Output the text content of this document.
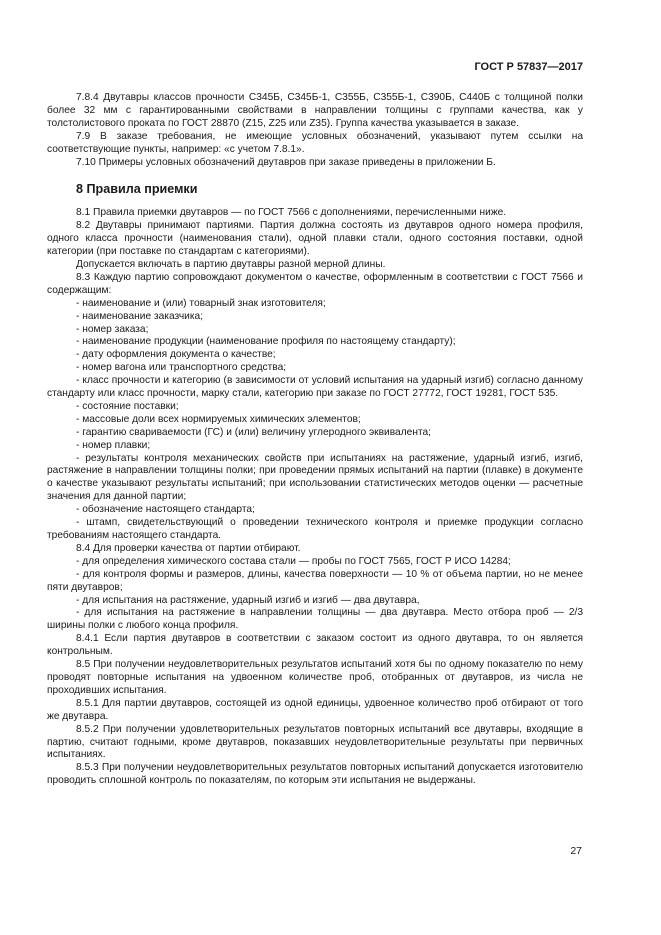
ГОСТ Р 57837—2017

7.8.4 Двутавры классов прочности С345Б, С345Б-1, С355Б, С355Б-1, С390Б, С440Б с толщиной полки более 32 мм с гарантированными свойствами в направлении толщины с группами качества, как у толстолистового проката по ГОСТ 28870 (Z15, Z25 или Z35). Группа качества указывается в заказе.

7.9 В заказе требования, не имеющие условных обозначений, указывают путем ссылки на соответствующие пункты, например: «с учетом 7.8.1».

7.10 Примеры условных обозначений двутавров при заказе приведены в приложении Б.

8 Правила приемки

8.1 Правила приемки двутавров — по ГОСТ 7566 с дополнениями, перечисленными ниже.

8.2 Двутавры принимают партиями. Партия должна состоять из двутавров одного номера профиля, одного класса прочности (наименования стали), одной плавки стали, одного состояния поставки, одной категории (при поставке по стандартам с категориями).

Допускается включать в партию двутавры разной мерной длины.

8.3 Каждую партию сопровождают документом о качестве, оформленным в соответствии с ГОСТ 7566 и содержащим:

- наименование и (или) товарный знак изготовителя;

- наименование заказчика;

- номер заказа;

- наименование продукции (наименование профиля по настоящему стандарту);

- дату оформления документа о качестве;

- номер вагона или транспортного средства;

- класс прочности и категорию (в зависимости от условий испытания на ударный изгиб) согласно данному стандарту или класс прочности, марку стали, категорию при заказе по ГОСТ 27772, ГОСТ 19281, ГОСТ 535.

- состояние поставки;

- массовые доли всех нормируемых химических элементов;

- гарантию свариваемости (ГС) и (или) величину углеродного эквивалента;

- номер плавки;

- результаты контроля механических свойств при испытаниях на растяжение, ударный изгиб, изгиб, растяжение в направлении толщины полки; при проведении прямых испытаний на партии (плавке) в документе о качестве указывают результаты испытаний; при использовании статистических методов оценки — расчетные значения для данной партии;

- обозначение настоящего стандарта;

- штамп, свидетельствующий о проведении технического контроля и приемке продукции согласно требованиям настоящего стандарта.

8.4 Для проверки качества от партии отбирают.

- для определения химического состава стали — пробы по ГОСТ 7565, ГОСТ Р ИСО 14284;

- для контроля формы и размеров, длины, качества поверхности — 10 % от объема партии, но не менее пяти двутавров;

- для испытания на растяжение, ударный изгиб и изгиб — два двутавра,

- для испытания на растяжение в направлении толщины — два двутавра. Место отбора проб — 2/3 ширины полки с любого конца профиля.

8.4.1 Если партия двутавров в соответствии с заказом состоит из одного двутавра, то он является контрольным.

8.5 При получении неудовлетворительных результатов испытаний хотя бы по одному показателю по нему проводят повторные испытания на удвоенном количестве проб, отобранных от двутавров, из числа не проходивших испытания.

8.5.1 Для партии двутавров, состоящей из одной единицы, удвоенное количество проб отбирают от того же двутавра.

8.5.2 При получении удовлетворительных результатов повторных испытаний все двутавры, входящие в партию, считают годными, кроме двутавров, показавших неудовлетворительные результаты при первичных испытаниях.

8.5.3 При получении неудовлетворительных результатов повторных испытаний допускается изготовителю проводить сплошной контроль по показателям, по которым эти испытания не выдержаны.

27
